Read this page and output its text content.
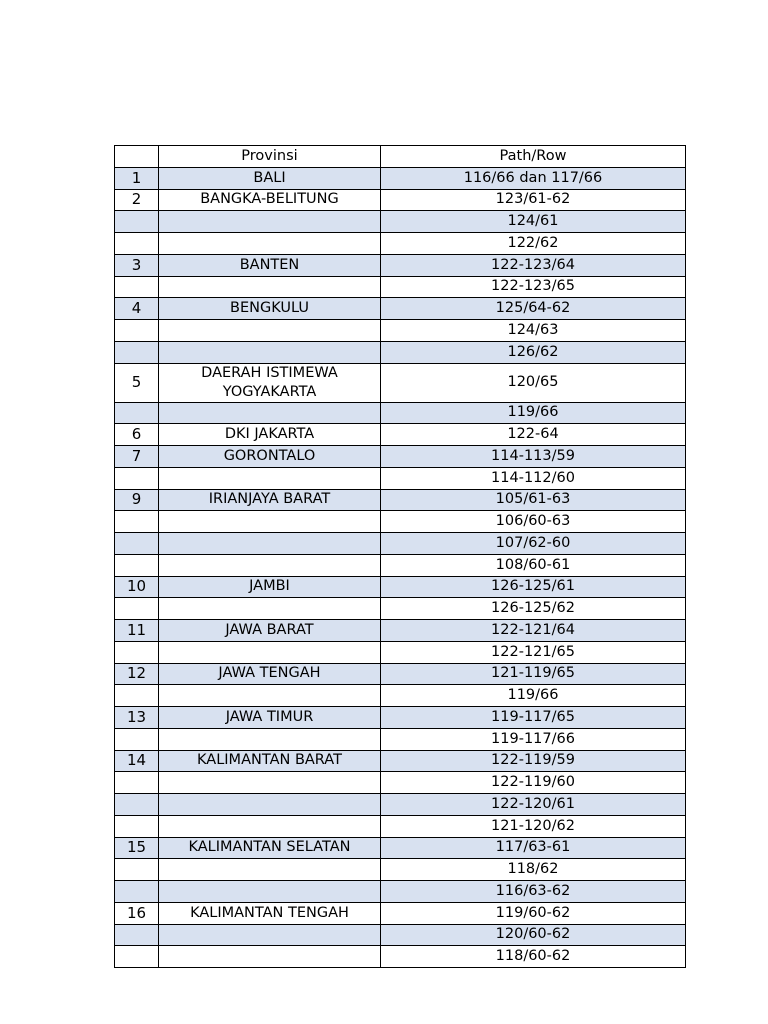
	Provinsi	Path/Row
1	BALI	116/66 dan 117/66
2	BANGKA-BELITUNG	123/61-62
		124/61
		122/62
3	BANTEN	122-123/64
		122-123/65
4	BENGKULU	125/64-62
		124/63
		126/62
5	DAERAH ISTIMEWA YOGYAKARTA	120/65
		119/66
6	DKI JAKARTA	122-64
7	GORONTALO	114-113/59
		114-112/60
9	IRIANJAYA BARAT	105/61-63
		106/60-63
		107/62-60
		108/60-61
10	JAMBI	126-125/61
		126-125/62
11	JAWA BARAT	122-121/64
		122-121/65
12	JAWA TENGAH	121-119/65
		119/66
13	JAWA TIMUR	119-117/65
		119-117/66
14	KALIMANTAN BARAT	122-119/59
		122-119/60
		122-120/61
		121-120/62
15	KALIMANTAN SELATAN	117/63-61
		118/62
		116/63-62
16	KALIMANTAN TENGAH	119/60-62
		120/60-62
		118/60-62
